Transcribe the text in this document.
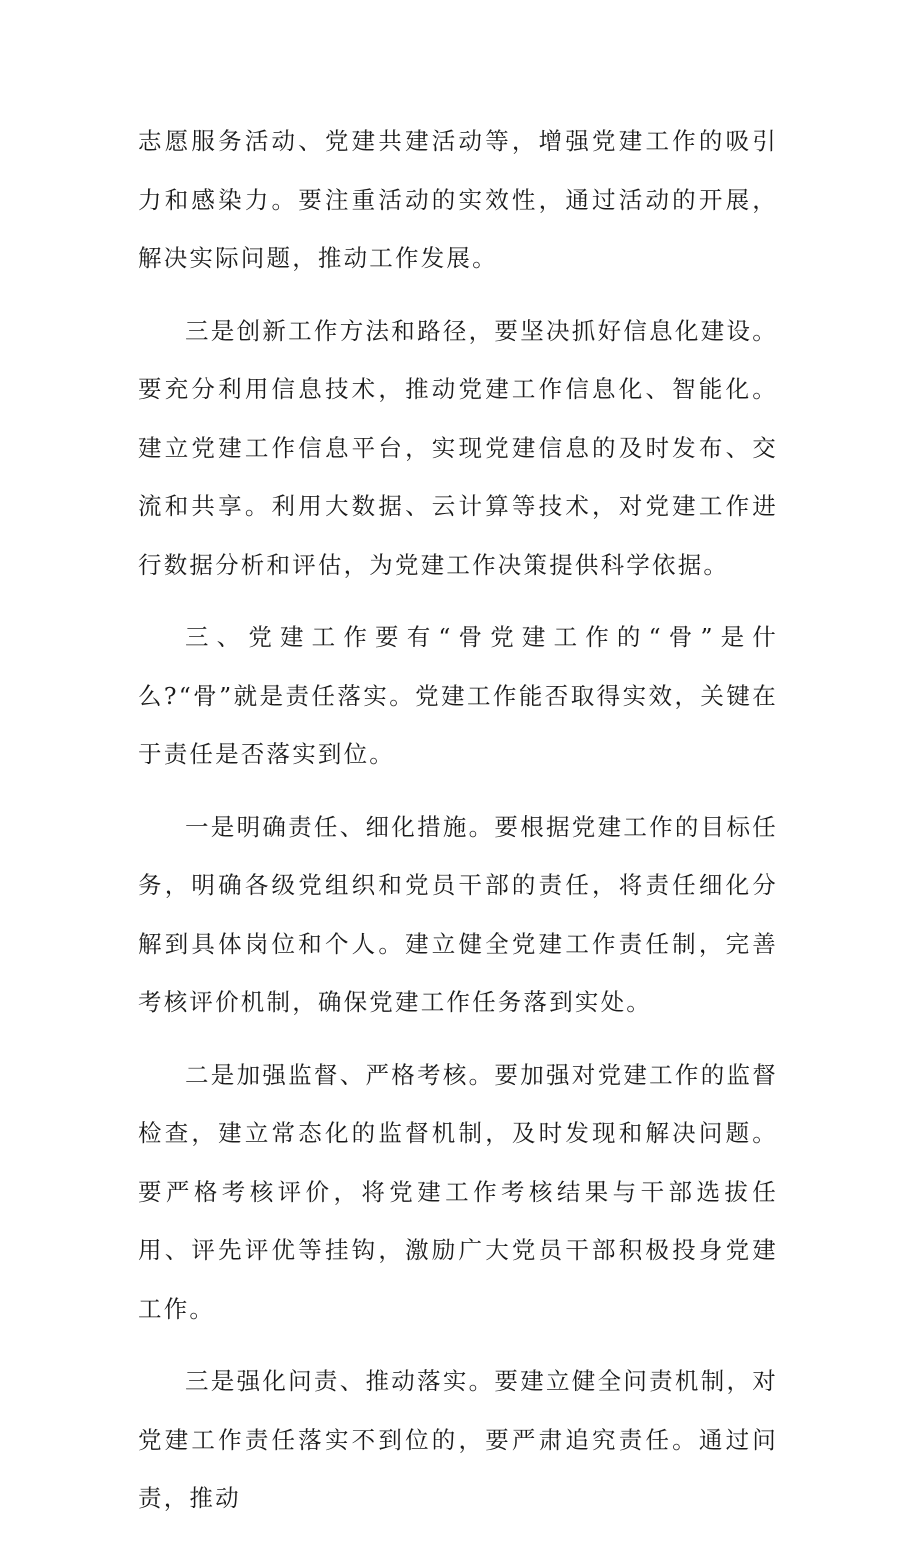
志愿服务活动、党建共建活动等，增强党建工作的吸引力和感染力。要注重活动的实效性，通过活动的开展，解决实际问题，推动工作发展。

三是创新工作方法和路径，要坚决抓好信息化建设。要充分利用信息技术，推动党建工作信息化、智能化。建立党建工作信息平台，实现党建信息的及时发布、交流和共享。利用大数据、云计算等技术，对党建工作进行数据分析和评估，为党建工作决策提供科学依据。

三、党建工作要有“骨党建工作的“骨”是什么?“骨”就是责任落实。党建工作能否取得实效，关键在于责任是否落实到位。

一是明确责任、细化措施。要根据党建工作的目标任务，明确各级党组织和党员干部的责任，将责任细化分解到具体岗位和个人。建立健全党建工作责任制，完善考核评价机制，确保党建工作任务落到实处。

二是加强监督、严格考核。要加强对党建工作的监督检查，建立常态化的监督机制，及时发现和解决问题。要严格考核评价，将党建工作考核结果与干部选拔任用、评先评优等挂钩，激励广大党员干部积极投身党建工作。

三是强化问责、推动落实。要建立健全问责机制，对党建工作责任落实不到位的，要严肃追究责任。通过问责，推动
